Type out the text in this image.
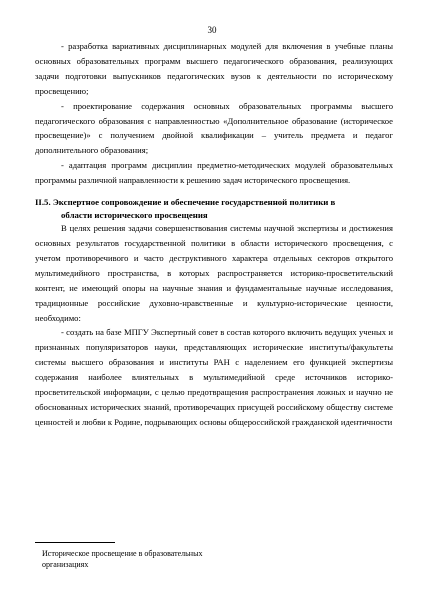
30

- разработка вариативных дисциплинарных модулей для включения в учебные планы основных образовательных программ высшего педагогического образования, реализующих задачи подготовки выпускников педагогических вузов к деятельности по историческому просвещению;

- проектирование содержания основных образовательных программы высшего педагогического образования с направленностью «Дополнительное образование (историческое просвещение)» с получением двойной квалификации – учитель предмета и педагог дополнительного образования;

- адаптация программ дисциплин предметно-методических модулей образовательных программы различной направленности к решению задач исторического просвещения.

II.5. Экспертное сопровождение и обеспечение государственной политики в
области исторического просвещения

В целях решения задачи совершенствования системы научной экспертизы и достижения основных результатов государственной политики в области исторического просвещения, с учетом противоречивого и часто деструктивного характера отдельных секторов открытого мультимедийного пространства, в которых распространяется историко-просветительский контент, не имеющий опоры на научные знания и фундаментальные научные исследования, традиционные российские духовно-нравственные и культурно-исторические ценности, необходимо:

- создать на базе МПГУ Экспертный совет в состав которого включить ведущих ученых и признанных популяризаторов науки, представляющих исторические институты/факультеты системы высшего образования и институты РАН с наделением его функцией экспертизы содержания наиболее влиятельных в мультимедийной среде источников историко-просветительской информации, с целью предотвращения распространения ложных и научно не обоснованных исторических знаний, противоречащих присущей российскому обществу системе ценностей и любви к Родине, подрывающих основы общероссийской гражданской идентичности

Историческое просвещение в образовательных
организациях
